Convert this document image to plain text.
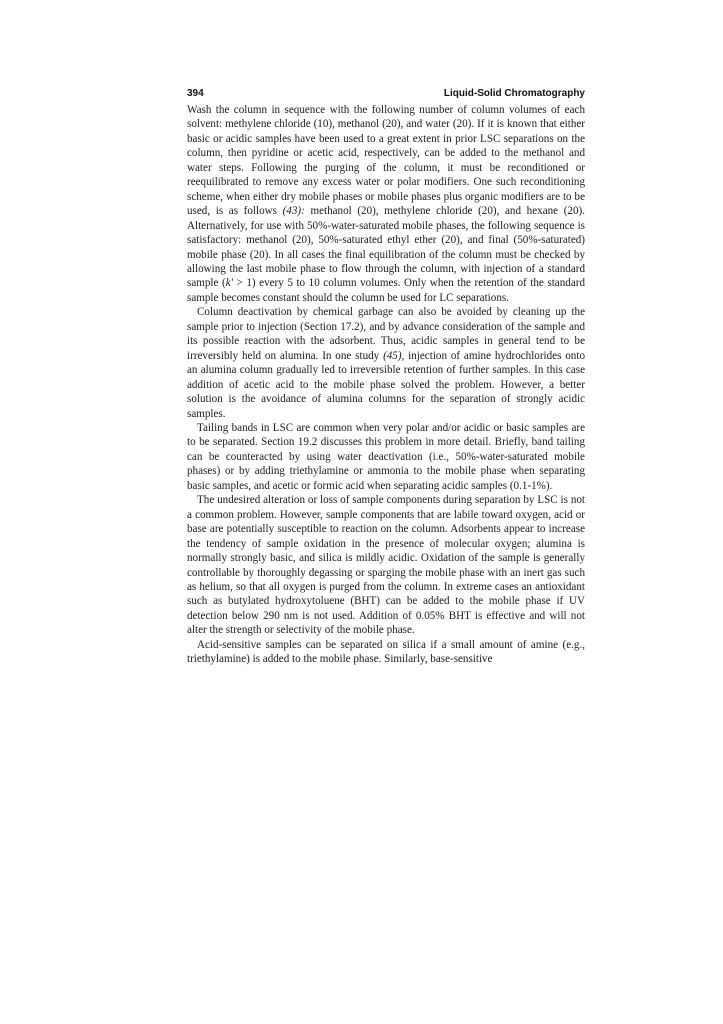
394	Liquid-Solid Chromatography

Wash the column in sequence with the following number of column volumes of each solvent: methylene chloride (10), methanol (20), and water (20). If it is known that either basic or acidic samples have been used to a great extent in prior LSC separations on the column, then pyridine or acetic acid, respectively, can be added to the methanol and water steps. Following the purging of the column, it must be reconditioned or reequilibrated to remove any excess water or polar modifiers. One such reconditioning scheme, when either dry mobile phases or mobile phases plus organic modifiers are to be used, is as follows (43): methanol (20), methylene chloride (20), and hexane (20). Alternatively, for use with 50%-water-saturated mobile phases, the following sequence is satisfactory: methanol (20), 50%-saturated ethyl ether (20), and final (50%-saturated) mobile phase (20). In all cases the final equilibration of the column must be checked by allowing the last mobile phase to flow through the column, with injection of a standard sample (k' > 1) every 5 to 10 column volumes. Only when the retention of the standard sample becomes constant should the column be used for LC separations.

Column deactivation by chemical garbage can also be avoided by cleaning up the sample prior to injection (Section 17.2), and by advance consideration of the sample and its possible reaction with the adsorbent. Thus, acidic samples in general tend to be irreversibly held on alumina. In one study (45), injection of amine hydrochlorides onto an alumina column gradually led to irreversible retention of further samples. In this case addition of acetic acid to the mobile phase solved the problem. However, a better solution is the avoidance of alumina columns for the separation of strongly acidic samples.

Tailing bands in LSC are common when very polar and/or acidic or basic samples are to be separated. Section 19.2 discusses this problem in more detail. Briefly, band tailing can be counteracted by using water deactivation (i.e., 50%-water-saturated mobile phases) or by adding triethylamine or ammonia to the mobile phase when separating basic samples, and acetic or formic acid when separating acidic samples (0.1-1%).

The undesired alteration or loss of sample components during separation by LSC is not a common problem. However, sample components that are labile toward oxygen, acid or base are potentially susceptible to reaction on the column. Adsorbents appear to increase the tendency of sample oxidation in the presence of molecular oxygen; alumina is normally strongly basic, and silica is mildly acidic. Oxidation of the sample is generally controllable by thoroughly degassing or sparging the mobile phase with an inert gas such as helium, so that all oxygen is purged from the column. In extreme cases an antioxidant such as butylated hydroxytoluene (BHT) can be added to the mobile phase if UV detection below 290 nm is not used. Addition of 0.05% BHT is effective and will not alter the strength or selectivity of the mobile phase.

Acid-sensitive samples can be separated on silica if a small amount of amine (e.g., triethylamine) is added to the mobile phase. Similarly, base-sensitive
